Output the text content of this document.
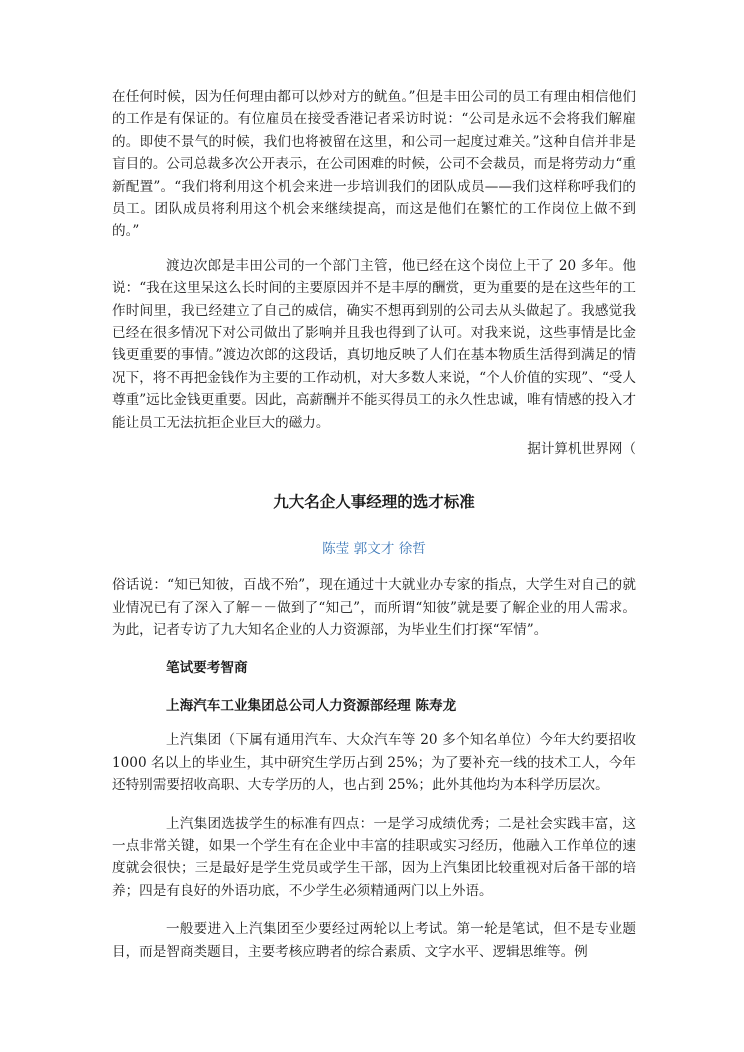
在任何时候，因为任何理由都可以炒对方的鱿鱼。”但是丰田公司的员工有理由相信他们的工作是有保证的。有位雇员在接受香港记者采访时说：“公司是永远不会将我们解雇的。即使不景气的时候，我们也将被留在这里，和公司一起度过难关。”这种自信并非是盲目的。公司总裁多次公开表示，在公司困难的时候，公司不会裁员，而是将劳动力“重新配置”。“我们将利用这个机会来进一步培训我们的团队成员——我们这样称呼我们的员工。团队成员将利用这个机会来继续提高，而这是他们在繁忙的工作岗位上做不到的。”

渡边次郎是丰田公司的一个部门主管，他已经在这个岗位上干了 20 多年。他说：“我在这里呆这么长时间的主要原因并不是丰厚的酬赏，更为重要的是在这些年的工作时间里，我已经建立了自己的威信，确实不想再到别的公司去从头做起了。我感觉我已经在很多情况下对公司做出了影响并且我也得到了认可。对我来说，这些事情是比金钱更重要的事情。”渡边次郎的这段话，真切地反映了人们在基本物质生活得到满足的情况下，将不再把金钱作为主要的工作动机，对大多数人来说，“个人价值的实现”、“受人尊重”远比金钱更重要。因此，高薪酬并不能买得员工的永久性忠诚，唯有情感的投入才能让员工无法抗拒企业巨大的磁力。

据计算机世界网（

九大名企人事经理的选才标准

陈莹 郭文才 徐哲

俗话说：“知已知彼，百战不殆”，现在通过十大就业办专家的指点，大学生对自己的就业情况已有了深入了解－－做到了“知己”，而所谓“知彼”就是要了解企业的用人需求。为此，记者专访了九大知名企业的人力资源部，为毕业生们打探“军情”。

笔试要考智商

上海汽车工业集团总公司人力资源部经理 陈寿龙

上汽集团（下属有通用汽车、大众汽车等 20 多个知名单位）今年大约要招收 1000 名以上的毕业生，其中研究生学历占到 25%；为了要补充一线的技术工人，今年还特别需要招收高职、大专学历的人，也占到 25%；此外其他均为本科学历层次。

上汽集团选拔学生的标准有四点：一是学习成绩优秀；二是社会实践丰富，这一点非常关键，如果一个学生有在企业中丰富的挂职或实习经历，他融入工作单位的速度就会很快；三是最好是学生党员或学生干部，因为上汽集团比较重视对后备干部的培养；四是有良好的外语功底，不少学生必须精通两门以上外语。

一般要进入上汽集团至少要经过两轮以上考试。第一轮是笔试，但不是专业题目，而是智商类题目，主要考核应聘者的综合素质、文字水平、逻辑思维等。例
